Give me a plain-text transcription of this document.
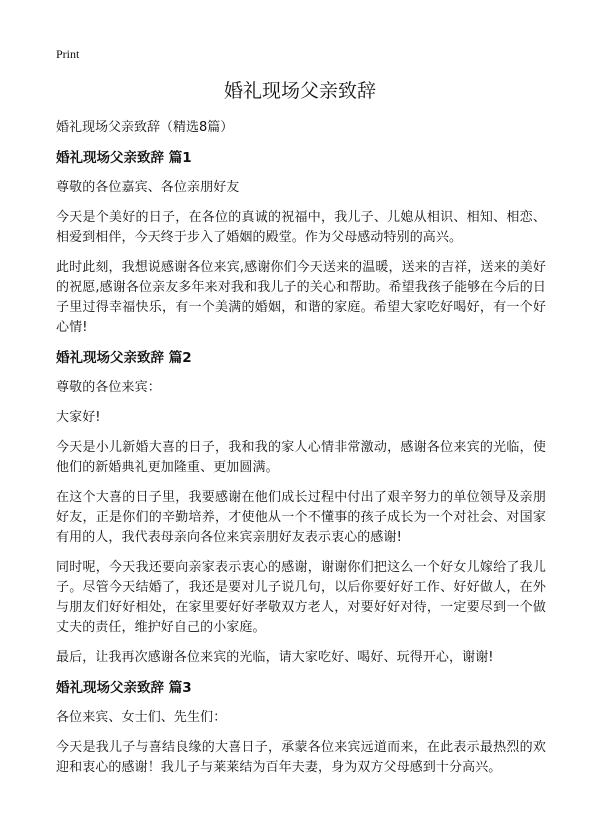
Print
婚礼现场父亲致辞

婚礼现场父亲致辞（精选8篇）

婚礼现场父亲致辞 篇1

尊敬的各位嘉宾、各位亲朋好友

今天是个美好的日子，在各位的真诚的祝福中，我儿子、儿媳从相识、相知、相恋、相爱到相伴，今天终于步入了婚姻的殿堂。作为父母感动特别的高兴。

此时此刻，我想说感谢各位来宾,感谢你们今天送来的温暖，送来的吉祥，送来的美好的祝愿,感谢各位亲友多年来对我和我儿子的关心和帮助。希望我孩子能够在今后的日子里过得幸福快乐，有一个美满的婚姻，和谐的家庭。希望大家吃好喝好，有一个好心情!

婚礼现场父亲致辞 篇2

尊敬的各位来宾：

大家好!

今天是小儿新婚大喜的日子，我和我的家人心情非常激动，感谢各位来宾的光临，使他们的新婚典礼更加隆重、更加圆满。

在这个大喜的日子里，我要感谢在他们成长过程中付出了艰辛努力的单位领导及亲朋好友，正是你们的辛勤培养，才使他从一个不懂事的孩子成长为一个对社会、对国家有用的人，我代表母亲向各位来宾亲朋好友表示衷心的感谢!

同时呢，今天我还要向亲家表示衷心的感谢，谢谢你们把这么一个好女儿嫁给了我儿子。尽管今天结婚了，我还是要对儿子说几句，以后你要好好工作、好好做人，在外与朋友们好好相处，在家里要好好孝敬双方老人，对要好好对待，一定要尽到一个做丈夫的责任，维护好自己的小家庭。

最后，让我再次感谢各位来宾的光临，请大家吃好、喝好、玩得开心，谢谢!

婚礼现场父亲致辞 篇3

各位来宾、女士们、先生们：

今天是我儿子与喜结良缘的大喜日子，承蒙各位来宾远道而来，在此表示最热烈的欢迎和衷心的感谢！我儿子与莱莱结为百年夫妻，身为双方父母感到十分高兴。
